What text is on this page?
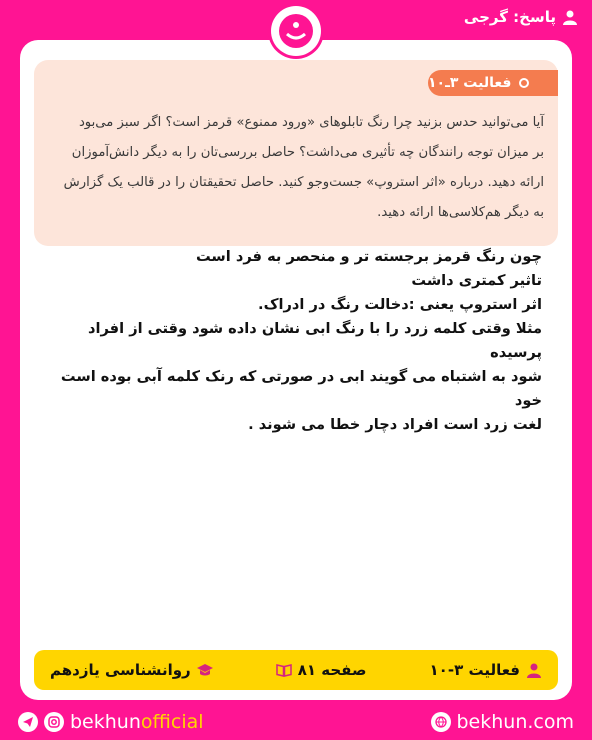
پاسخ: گرجی
فعالیت ۳ـ۱۰
آیا می‌توانید حدس بزنید چرا رنگ تابلوهای «ورود ممنوع» قرمز است؟ اگر سبز می‌بود
بر میزان توجه رانندگان چه تأثیری می‌داشت؟ حاصل بررسی‌تان را به دیگر دانش‌آموزان
ارائه دهید. درباره «اثر استروپ» جست‌وجو کنید. حاصل تحقیقتان را در قالب یک گزارش
به دیگر هم‌کلاسی‌ها ارائه دهید.

چون رنگ قرمز برجسته تر و منحصر به فرد است

تاثیر کمتری داشت

اثر استروپ یعنی :دخالت رنگ در ادراک.

مثلا وقتی کلمه زرد را با رنگ ابی نشان داده شود وقتی از افراد پرسیده

شود به اشتباه می گویند ابی در صورتی که رنک کلمه آبی بوده است خود

لغت زرد است افراد دچار خطا می شوند .

فعالیت ۳-۱۰
صفحه ۸۱
روانشناسی یازدهم
bekhunofficial	bekhun.com
